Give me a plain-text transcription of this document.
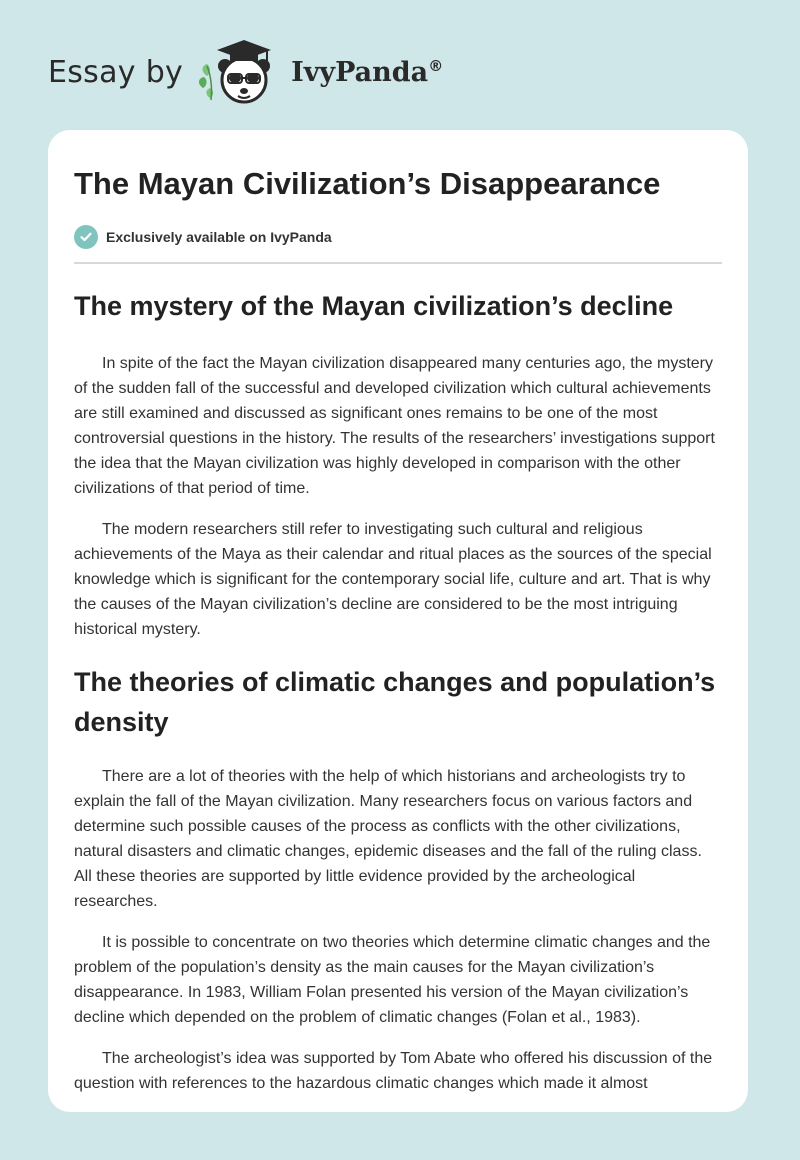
Essay by	IvyPanda®
The Mayan Civilization’s Disappearance
Exclusively available on IvyPanda
The mystery of the Mayan civilization’s decline

In spite of the fact the Mayan civilization disappeared many centuries ago, the mystery of the sudden fall of the successful and developed civilization which cultural achievements are still examined and discussed as significant ones remains to be one of the most controversial questions in the history. The results of the researchers’ investigations support the idea that the Mayan civilization was highly developed in comparison with the other civilizations of that period of time.

The modern researchers still refer to investigating such cultural and religious achievements of the Maya as their calendar and ritual places as the sources of the special knowledge which is significant for the contemporary social life, culture and art. That is why the causes of the Mayan civilization’s decline are considered to be the most intriguing historical mystery.

The theories of climatic changes and population’s density

There are a lot of theories with the help of which historians and archeologists try to explain the fall of the Mayan civilization. Many researchers focus on various factors and determine such possible causes of the process as conflicts with the other civilizations, natural disasters and climatic changes, epidemic diseases and the fall of the ruling class. All these theories are supported by little evidence provided by the archeological researches.

It is possible to concentrate on two theories which determine climatic changes and the problem of the population’s density as the main causes for the Mayan civilization’s disappearance. In 1983, William Folan presented his version of the Mayan civilization’s decline which depended on the problem of climatic changes (Folan et al., 1983).

The archeologist’s idea was supported by Tom Abate who offered his discussion of the question with references to the hazardous climatic changes which made it almost
